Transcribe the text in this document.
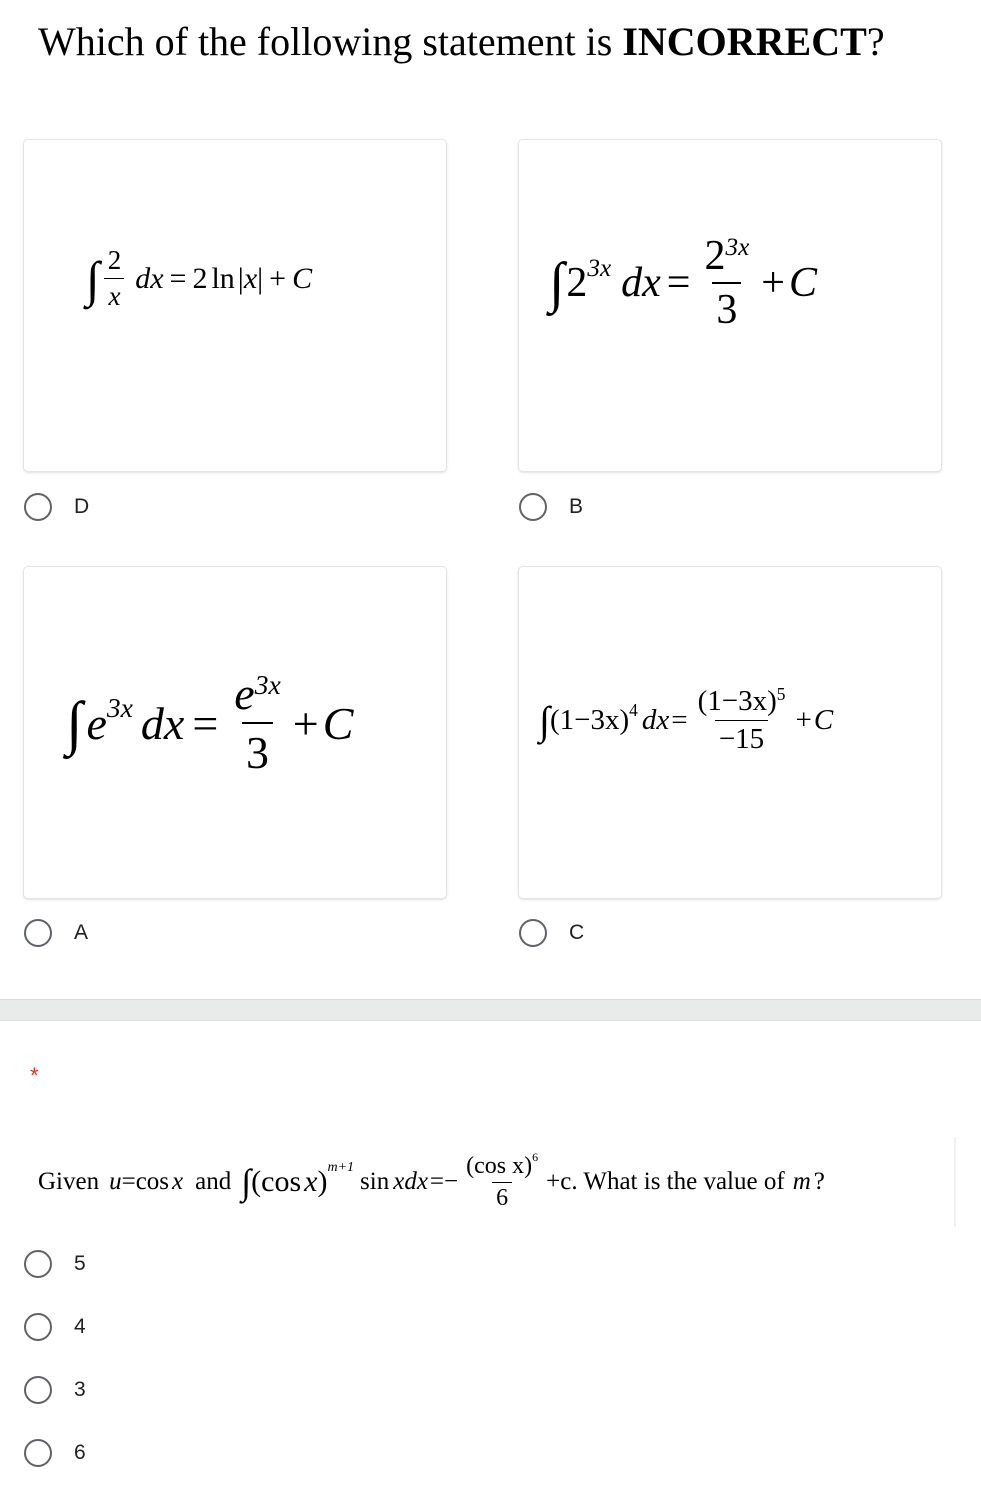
Which of the following statement is INCORRECT?
∫ $\frac{2}{x}$ dx = 2 ln | x | + C	∫ $2^{3x}$ dx = $\frac{2^{3x}}{3} + C$
D	B
∫ $e^{3x}$ dx = $\frac{e^{3x}}{3} + C$	∫ $(1-3x)^4$ dx = $\frac{(1-3x)^5}{-15} + C$
A	C
*
Given u =cos x and ∫ (cos x )$^{m+1}$
sin x dx =− $\frac{(\cos x)^6}{6} +c$ . What is the value of m ?
5
4
3
6
